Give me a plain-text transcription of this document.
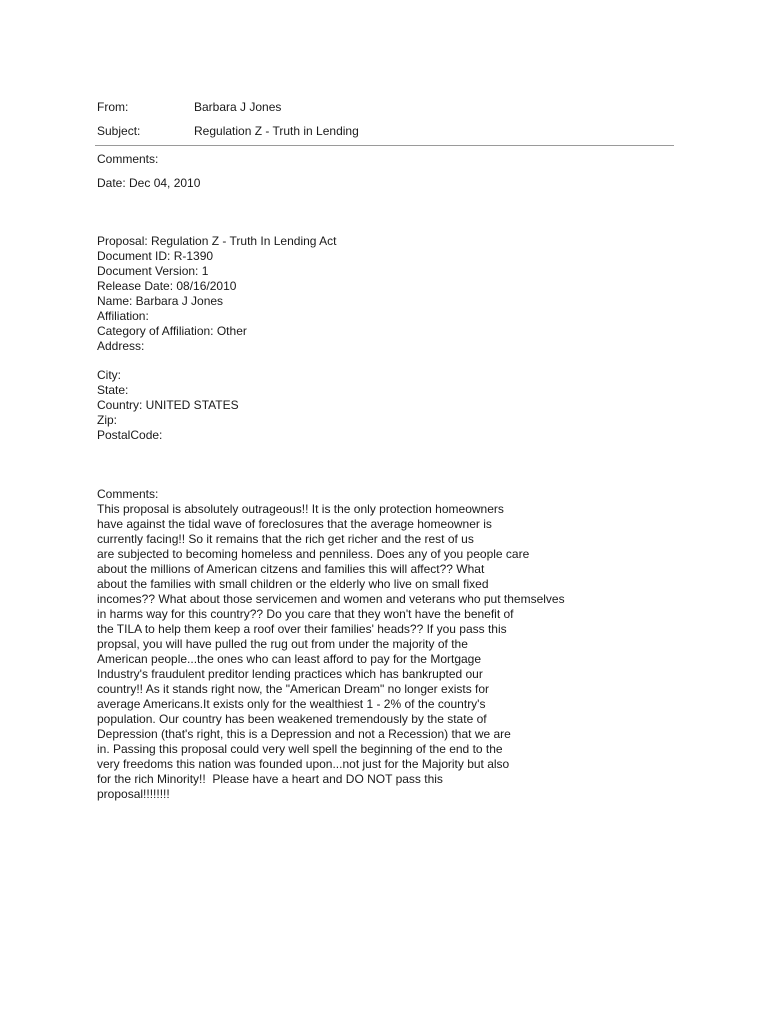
From:	Barbara J Jones
Subject:	Regulation Z - Truth in Lending
Comments:
Date: Dec 04, 2010
Proposal: Regulation Z - Truth In Lending Act
Document ID: R-1390
Document Version: 1
Release Date: 08/16/2010
Name: Barbara J Jones
Affiliation:
Category of Affiliation: Other
Address:
City:
State:
Country: UNITED STATES
Zip:
PostalCode:
Comments:
This proposal is absolutely outrageous!! It is the only protection homeowners
have against the tidal wave of foreclosures that the average homeowner is
currently facing!! So it remains that the rich get richer and the rest of us
are subjected to becoming homeless and penniless. Does any of you people care
about the millions of American citzens and families this will affect?? What
about the families with small children or the elderly who live on small fixed
incomes?? What about those servicemen and women and veterans who put themselves
in harms way for this country?? Do you care that they won't have the benefit of
the TILA to help them keep a roof over their families' heads?? If you pass this
propsal, you will have pulled the rug out from under the majority of the
American people...the ones who can least afford to pay for the Mortgage
Industry's fraudulent preditor lending practices which has bankrupted our
country!! As it stands right now, the "American Dream" no longer exists for
average Americans.It exists only for the wealthiest 1 - 2% of the country's
population. Our country has been weakened tremendously by the state of
Depression (that's right, this is a Depression and not a Recession) that we are
in. Passing this proposal could very well spell the beginning of the end to the
very freedoms this nation was founded upon...not just for the Majority but also
for the rich Minority!!  Please have a heart and DO NOT pass this
proposal!!!!!!!!
